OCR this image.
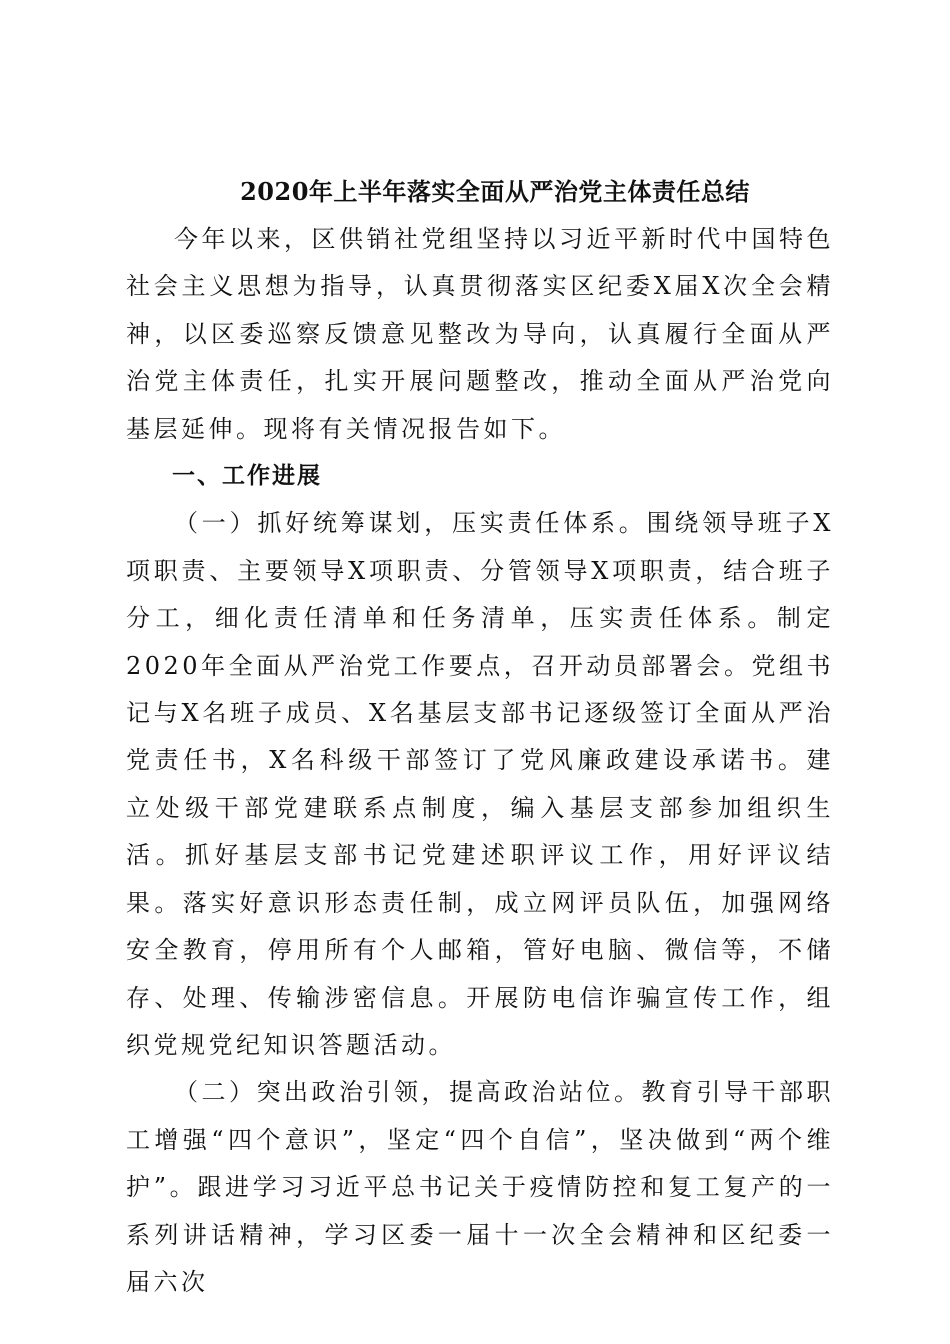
2020年上半年落实全面从严治党主体责任总结

今年以来，区供销社党组坚持以习近平新时代中国特色社会主义思想为指导，认真贯彻落实区纪委X届X次全会精神，以区委巡察反馈意见整改为导向，认真履行全面从严治党主体责任，扎实开展问题整改，推动全面从严治党向基层延伸。现将有关情况报告如下。

一、工作进展

（一）抓好统筹谋划，压实责任体系。围绕领导班子X项职责、主要领导X项职责、分管领导X项职责，结合班子分工，细化责任清单和任务清单，压实责任体系。制定2020年全面从严治党工作要点，召开动员部署会。党组书记与X名班子成员、X名基层支部书记逐级签订全面从严治党责任书，X名科级干部签订了党风廉政建设承诺书。建立处级干部党建联系点制度，编入基层支部参加组织生活。抓好基层支部书记党建述职评议工作，用好评议结果。落实好意识形态责任制，成立网评员队伍，加强网络安全教育，停用所有个人邮箱，管好电脑、微信等，不储存、处理、传输涉密信息。开展防电信诈骗宣传工作，组织党规党纪知识答题活动。

（二）突出政治引领，提高政治站位。教育引导干部职工增强“四个意识”，坚定“四个自信”，坚决做到“两个维护”。跟进学习习近平总书记关于疫情防控和复工复产的一系列讲话精神，学习区委一届十一次全会精神和区纪委一届六次
